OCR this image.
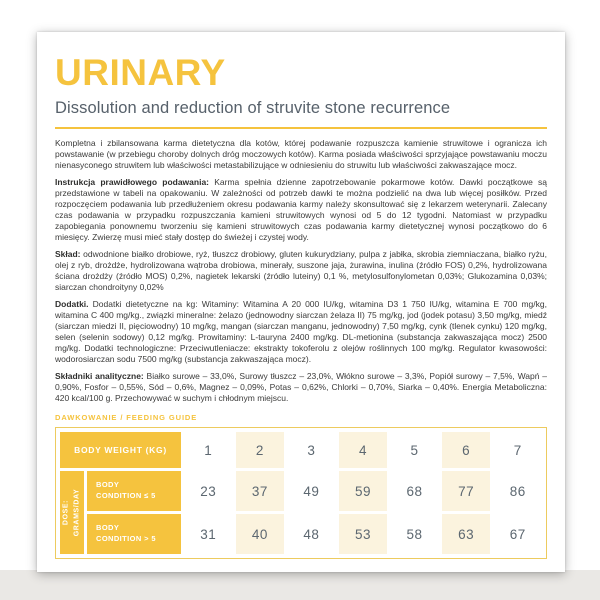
URINARY
Dissolution and reduction of struvite stone recurrence

Kompletna i zbilansowana karma dietetyczna dla kotów, której podawanie rozpuszcza kamienie struwitowe i ogranicza ich powstawanie (w przebiegu choroby dolnych dróg moczowych kotów). Karma posiada właściwości sprzyjające powstawaniu moczu nienasyconego struwitem lub właściwości metastabilizujące w odniesieniu do struwitu lub właściwości zakwaszające mocz.

Instrukcja prawidłowego podawania: Karma spełnia dzienne zapotrzebowanie pokarmowe kotów. Dawki początkowe są przedstawione w tabeli na opakowaniu. W zależności od potrzeb dawki te można podzielić na dwa lub więcej posiłków. Przed rozpoczęciem podawania lub przedłużeniem okresu podawania karmy należy skonsultować się z lekarzem weterynarii. Zalecany czas podawania w przypadku rozpuszczania kamieni struwitowych wynosi od 5 do 12 tygodni. Natomiast w przypadku zapobiegania ponownemu tworzeniu się kamieni struwitowych czas podawania karmy dietetycznej wynosi początkowo do 6 miesięcy. Zwierzę musi mieć stały dostęp do świeżej i czystej wody.

Skład: odwodnione białko drobiowe, ryż, tłuszcz drobiowy, gluten kukurydziany, pulpa z jabłka, skrobia ziemniaczana, białko ryżu, olej z ryb, drożdże, hydrolizowana wątroba drobiowa, minerały, suszone jaja, żurawina, inulina (źródło FOS) 0,2%, hydrolizowana ściana drożdży (źródło MOS) 0,2%, nagietek lekarski (źródło luteiny) 0,1 %, metylosulfonylometan 0,03%; Glukozamina 0,03%; siarczan chondroityny 0,02%

Dodatki. Dodatki dietetyczne na kg: Witaminy: Witamina A 20 000 IU/kg, witamina D3 1 750 IU/kg, witamina E 700 mg/kg, witamina C 400 mg/kg., związki mineralne: żelazo (jednowodny siarczan żelaza II) 75 mg/kg, jod (jodek potasu) 3,50 mg/kg, miedź (siarczan miedzi II, pięciowodny) 10 mg/kg, mangan (siarczan manganu, jednowodny) 7,50 mg/kg, cynk (tlenek cynku) 120 mg/kg, selen (selenin sodowy) 0,12 mg/kg. Prowitaminy: L-tauryna 2400 mg/kg. DL-metionina (substancja zakwaszająca mocz) 2500 mg/kg. Dodatki technologiczne: Przeciwutleniacze: ekstrakty tokoferolu z olejów roślinnych 100 mg/kg. Regulator kwasowości: wodorosiarczan sodu 7500 mg/kg (substancja zakwaszająca mocz).

Składniki analityczne: Białko surowe – 33,0%, Surowy tłuszcz – 23,0%, Włókno surowe – 3,3%, Popiół surowy – 7,5%, Wapń – 0,90%, Fosfor – 0,55%, Sód – 0,6%, Magnez – 0,09%, Potas – 0,62%, Chlorki – 0,70%, Siarka – 0,40%. Energia Metaboliczna: 420 kcal/100 g. Przechowywać w suchym i chłodnym miejscu.

DAWKOWANIE / FEEDING GUIDE
BODY WEIGHT (KG)	1	2	3	4	5	6	7
DOSE: GRAMS/DAY
BODY
CONDITION ≤ 5	23	37	49	59	68	77	86
BODY
CONDITION > 5	31	40	48	53	58	63	67
